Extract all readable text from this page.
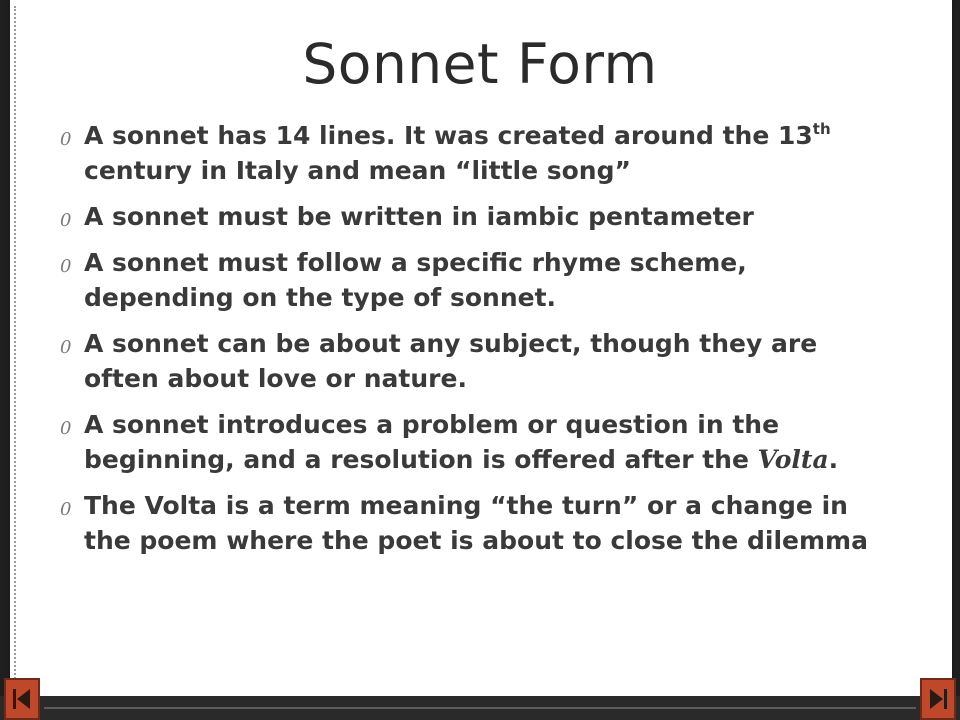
Sonnet Form
0 A sonnet has 14 lines. It was created around the 13th century in Italy and mean “little song”
0 A sonnet must be written in iambic pentameter
0 A sonnet must follow a specific rhyme scheme, depending on the type of sonnet.
0 A sonnet can be about any subject, though they are often about love or nature.
0 A sonnet introduces a problem or question in the beginning, and a resolution is offered after the Volta.
0 The Volta is a term meaning “the turn” or a change in the poem where the poet is about to close the dilemma
